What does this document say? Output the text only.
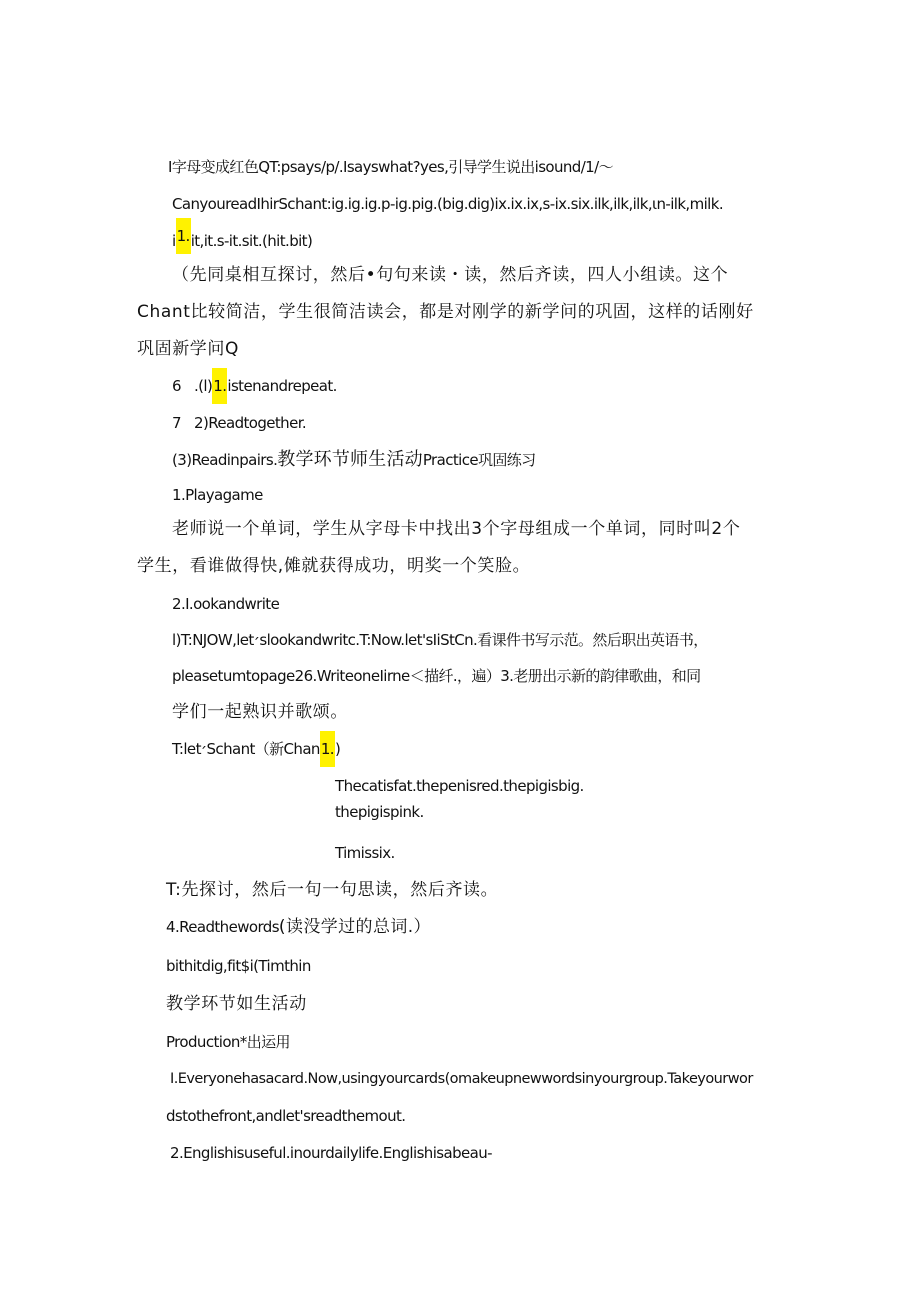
I字母变成红色QT:psays/p/.Isayswhat?yes,引导学生说出isound/1/〜
CanyoureadIhirSchant:ig.ig.ig.p-ig.pig.(big.dig)ix.ix.ix,s-ix.six.ilk,ilk,ilk,ιn-ilk,milk.
i1.it,it.s-it.sit.(hit.bit)
（先同桌相互探讨，然后•句句来读・读，然后齐读，四人小组读。这个
Chant比较简洁，学生很简洁读会，都是对刚学的新学问的巩固，这样的话刚好
巩固新学问Q
6 .(l)1.istenandrepeat.
7 2)Readtogether.
(3)Readinpairs.教学环节师生活动Practice巩固练习
1.Playagame
老师说一个单词，学生从字母卡中找出3个字母组成一个单词，同时叫2个
学生，看谁做得快,傩就获得成功，明奖一个笑脸。
2.I.ookandwrite
l)T:NJOW,let׳slookandwritc.T:Now.let'sIiStCn.看课件书写示范。然后职出英语书，
pleasetumtopage26.WriteoneIirne＜描纤.，遍）3.老册出示新的韵律歌曲，和同
学们一起熟识并歌颂。
T:let׳Schant（新Chan1.)
Thecatisfat.thepenisred.thepigisbig.
thepigispink.
Timissix.
T:先探讨，然后一句一句思读，然后齐读。
4.Readthewords(读没学过的总词.）
bithitdig,fit$i(Timthin
教学环节如生活动
Production*出运用
I.Everyonehasacard.Now,usingyourcards(omakeupnewwordsinyourgroup.Takeyourwor
dstothefront,andlet'sreadthemout.
2.Englishisuseful.inourdailylife.Englishisabeau-
